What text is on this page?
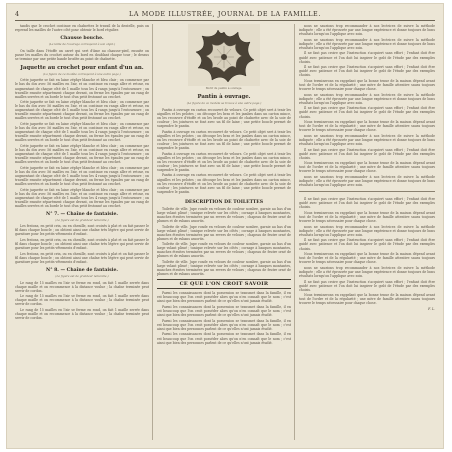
4	LA MODE ILLUSTRÉE, JOURNAL DE LA FAMILLE.

tandis que le crochet continue en chaînettes le travail de la dentelle, puis on reprend les mailles de l'autre côté pour obtenir le bord régulier.

Chausse bouche.
(La taille de l'ouvrage correspond à son objet.)

On taille dans l'étoffe un carré qui sert d'âme au chausse-pied, ensuite on passe les mailles du crochet autour du bord en doublant chaque tour ; le dessus se termine par une petite bande brodée au point de chaînette.

Jaquette au crochet pour enfant d'un an.
(La figure de ce modèle correspond à une autre page.)

Cette jaquette se fait en laine zéphyr blanche et bleu clair ; on commence par le bas du dos avec 56 mailles en l'air, et on continue en rangs aller et retour, en augmentant de chaque côté de 1 maille tous les 4 rangs jusqu'à l'entournure ; on travaille ensuite séparément chaque devant, on ferme les épaules par un rang de mailles serrées et on borde le tout d'un petit festonné au crochet.

Cette jaquette se fait en laine zéphyr blanche et bleu clair ; on commence par le bas du dos avec 56 mailles en l'air, et on continue en rangs aller et retour, en augmentant de chaque côté de 1 maille tous les 4 rangs jusqu'à l'entournure ; on travaille ensuite séparément chaque devant, on ferme les épaules par un rang de mailles serrées et on borde le tout d'un petit festonné au crochet.

Cette jaquette se fait en laine zéphyr blanche et bleu clair ; on commence par le bas du dos avec 56 mailles en l'air, et on continue en rangs aller et retour, en augmentant de chaque côté de 1 maille tous les 4 rangs jusqu'à l'entournure ; on travaille ensuite séparément chaque devant, on ferme les épaules par un rang de mailles serrées et on borde le tout d'un petit festonné au crochet.

Cette jaquette se fait en laine zéphyr blanche et bleu clair ; on commence par le bas du dos avec 56 mailles en l'air, et on continue en rangs aller et retour, en augmentant de chaque côté de 1 maille tous les 4 rangs jusqu'à l'entournure ; on travaille ensuite séparément chaque devant, on ferme les épaules par un rang de mailles serrées et on borde le tout d'un petit festonné au crochet.

Cette jaquette se fait en laine zéphyr blanche et bleu clair ; on commence par le bas du dos avec 56 mailles en l'air, et on continue en rangs aller et retour, en augmentant de chaque côté de 1 maille tous les 4 rangs jusqu'à l'entournure ; on travaille ensuite séparément chaque devant, on ferme les épaules par un rang de mailles serrées et on borde le tout d'un petit festonné au crochet.

Cette jaquette se fait en laine zéphyr blanche et bleu clair ; on commence par le bas du dos avec 56 mailles en l'air, et on continue en rangs aller et retour, en augmentant de chaque côté de 1 maille tous les 4 rangs jusqu'à l'entournure ; on travaille ensuite séparément chaque devant, on ferme les épaules par un rang de mailles serrées et on borde le tout d'un petit festonné au crochet.

N° 7. — Chaîne de fantaisie.
(La figure est de grandeur naturelle.)

Les festons, en petit crin, ou en chenille, sont croisés à plat et on fait passer le fil dans chaque boucle ; on obtient ainsi une chaîne très légère qui peut servir de garniture pour les petits vêtements d'enfant.

Les festons, en petit crin, ou en chenille, sont croisés à plat et on fait passer le fil dans chaque boucle ; on obtient ainsi une chaîne très légère qui peut servir de garniture pour les petits vêtements d'enfant.

Les festons, en petit crin, ou en chenille, sont croisés à plat et on fait passer le fil dans chaque boucle ; on obtient ainsi une chaîne très légère qui peut servir de garniture pour les petits vêtements d'enfant.

N° 8. — Chaîne de fantaisie.
(La figure est de grandeur naturelle.)

Le rang de 15 mailles en l'air se ferme en rond, on fait 1 maille serrée dans chaque maille et on recommence à la distance voulue ; la chaîne terminée peut servir de cordon.

Le rang de 15 mailles en l'air se ferme en rond, on fait 1 maille serrée dans chaque maille et on recommence à la distance voulue ; la chaîne terminée peut servir de cordon.

Le rang de 15 mailles en l'air se ferme en rond, on fait 1 maille serrée dans chaque maille et on recommence à la distance voulue ; la chaîne terminée peut servir de cordon.

Motif du pantin à ouvrage.
Pantin à ouvrage.
(La figure de ce modèle se trouve à une autre page.)

Pantin à ouvrage en carton recouvert de velours. Ce petit objet sert à tenir les aiguilles et les pelotes ; on découpe les bras et les jambes dans un carton mince, on les recouvre d'étoffe et on les brode au point de chaînette avec de la soie de couleur ; les jointures se font avec un fil de laine ; une petite boucle permet de suspendre le pantin.

Pantin à ouvrage en carton recouvert de velours. Ce petit objet sert à tenir les aiguilles et les pelotes ; on découpe les bras et les jambes dans un carton mince, on les recouvre d'étoffe et on les brode au point de chaînette avec de la soie de couleur ; les jointures se font avec un fil de laine ; une petite boucle permet de suspendre le pantin.

Pantin à ouvrage en carton recouvert de velours. Ce petit objet sert à tenir les aiguilles et les pelotes ; on découpe les bras et les jambes dans un carton mince, on les recouvre d'étoffe et on les brode au point de chaînette avec de la soie de couleur ; les jointures se font avec un fil de laine ; une petite boucle permet de suspendre le pantin.

Pantin à ouvrage en carton recouvert de velours. Ce petit objet sert à tenir les aiguilles et les pelotes ; on découpe les bras et les jambes dans un carton mince, on les recouvre d'étoffe et on les brode au point de chaînette avec de la soie de couleur ; les jointures se font avec un fil de laine ; une petite boucle permet de suspendre le pantin.

DESCRIPTION DE TOILETTES

Toilette de ville. Jupe ronde en velours de couleur sombre, garnie au bas d'un large volant plissé ; tunique relevée sur les côtés ; corsage à basques montantes, manches étroites terminées par un revers de velours ; chapeau de feutre orné de plumes et de rubans assortis.

Toilette de ville. Jupe ronde en velours de couleur sombre, garnie au bas d'un large volant plissé ; tunique relevée sur les côtés ; corsage à basques montantes, manches étroites terminées par un revers de velours ; chapeau de feutre orné de plumes et de rubans assortis.

Toilette de ville. Jupe ronde en velours de couleur sombre, garnie au bas d'un large volant plissé ; tunique relevée sur les côtés ; corsage à basques montantes, manches étroites terminées par un revers de velours ; chapeau de feutre orné de plumes et de rubans assortis.

Toilette de ville. Jupe ronde en velours de couleur sombre, garnie au bas d'un large volant plissé ; tunique relevée sur les côtés ; corsage à basques montantes, manches étroites terminées par un revers de velours ; chapeau de feutre orné de plumes et de rubans assortis.

CE QUE L'ON CROIT SAVOIR

Parmi les connaissances dont la possession se transmet dans la famille, il en est beaucoup que l'on croit posséder alors qu'on n'en connaît que le nom ; c'est ainsi que bien des personnes parlent de ce qu'elles n'ont jamais étudié.

Parmi les connaissances dont la possession se transmet dans la famille, il en est beaucoup que l'on croit posséder alors qu'on n'en connaît que le nom ; c'est ainsi que bien des personnes parlent de ce qu'elles n'ont jamais étudié.

Parmi les connaissances dont la possession se transmet dans la famille, il en est beaucoup que l'on croit posséder alors qu'on n'en connaît que le nom ; c'est ainsi que bien des personnes parlent de ce qu'elles n'ont jamais étudié.

Parmi les connaissances dont la possession se transmet dans la famille, il en est beaucoup que l'on croit posséder alors qu'on n'en connaît que le nom ; c'est ainsi que bien des personnes parlent de ce qu'elles n'ont jamais étudié.

nous ne saurions trop recommander à nos lectrices de suivre la méthode indiquée ; elle a été éprouvée par une longue expérience et donne toujours de bons résultats lorsqu'on l'applique avec soin.

nous ne saurions trop recommander à nos lectrices de suivre la méthode indiquée ; elle a été éprouvée par une longue expérience et donne toujours de bons résultats lorsqu'on l'applique avec soin.

Il ne faut pas croire que l'instruction s'acquiert sans effort ; l'enfant doit être guidé avec patience et l'on doit lui inspirer le goût de l'étude par des exemples choisis.

Il ne faut pas croire que l'instruction s'acquiert sans effort ; l'enfant doit être guidé avec patience et l'on doit lui inspirer le goût de l'étude par des exemples choisis.

Nous terminerons en rappelant que la bonne tenue de la maison dépend avant tout de l'ordre et de la régularité ; une mère de famille attentive saura toujours trouver le temps nécessaire pour chaque chose.

nous ne saurions trop recommander à nos lectrices de suivre la méthode indiquée ; elle a été éprouvée par une longue expérience et donne toujours de bons résultats lorsqu'on l'applique avec soin.

Il ne faut pas croire que l'instruction s'acquiert sans effort ; l'enfant doit être guidé avec patience et l'on doit lui inspirer le goût de l'étude par des exemples choisis.

Nous terminerons en rappelant que la bonne tenue de la maison dépend avant tout de l'ordre et de la régularité ; une mère de famille attentive saura toujours trouver le temps nécessaire pour chaque chose.

nous ne saurions trop recommander à nos lectrices de suivre la méthode indiquée ; elle a été éprouvée par une longue expérience et donne toujours de bons résultats lorsqu'on l'applique avec soin.

Il ne faut pas croire que l'instruction s'acquiert sans effort ; l'enfant doit être guidé avec patience et l'on doit lui inspirer le goût de l'étude par des exemples choisis.

Nous terminerons en rappelant que la bonne tenue de la maison dépend avant tout de l'ordre et de la régularité ; une mère de famille attentive saura toujours trouver le temps nécessaire pour chaque chose.

nous ne saurions trop recommander à nos lectrices de suivre la méthode indiquée ; elle a été éprouvée par une longue expérience et donne toujours de bons résultats lorsqu'on l'applique avec soin.

Il ne faut pas croire que l'instruction s'acquiert sans effort ; l'enfant doit être guidé avec patience et l'on doit lui inspirer le goût de l'étude par des exemples choisis.

Nous terminerons en rappelant que la bonne tenue de la maison dépend avant tout de l'ordre et de la régularité ; une mère de famille attentive saura toujours trouver le temps nécessaire pour chaque chose.

nous ne saurions trop recommander à nos lectrices de suivre la méthode indiquée ; elle a été éprouvée par une longue expérience et donne toujours de bons résultats lorsqu'on l'applique avec soin.

Il ne faut pas croire que l'instruction s'acquiert sans effort ; l'enfant doit être guidé avec patience et l'on doit lui inspirer le goût de l'étude par des exemples choisis.

Nous terminerons en rappelant que la bonne tenue de la maison dépend avant tout de l'ordre et de la régularité ; une mère de famille attentive saura toujours trouver le temps nécessaire pour chaque chose.

nous ne saurions trop recommander à nos lectrices de suivre la méthode indiquée ; elle a été éprouvée par une longue expérience et donne toujours de bons résultats lorsqu'on l'applique avec soin.

Il ne faut pas croire que l'instruction s'acquiert sans effort ; l'enfant doit être guidé avec patience et l'on doit lui inspirer le goût de l'étude par des exemples choisis.

Nous terminerons en rappelant que la bonne tenue de la maison dépend avant tout de l'ordre et de la régularité ; une mère de famille attentive saura toujours trouver le temps nécessaire pour chaque chose.

F. L.
